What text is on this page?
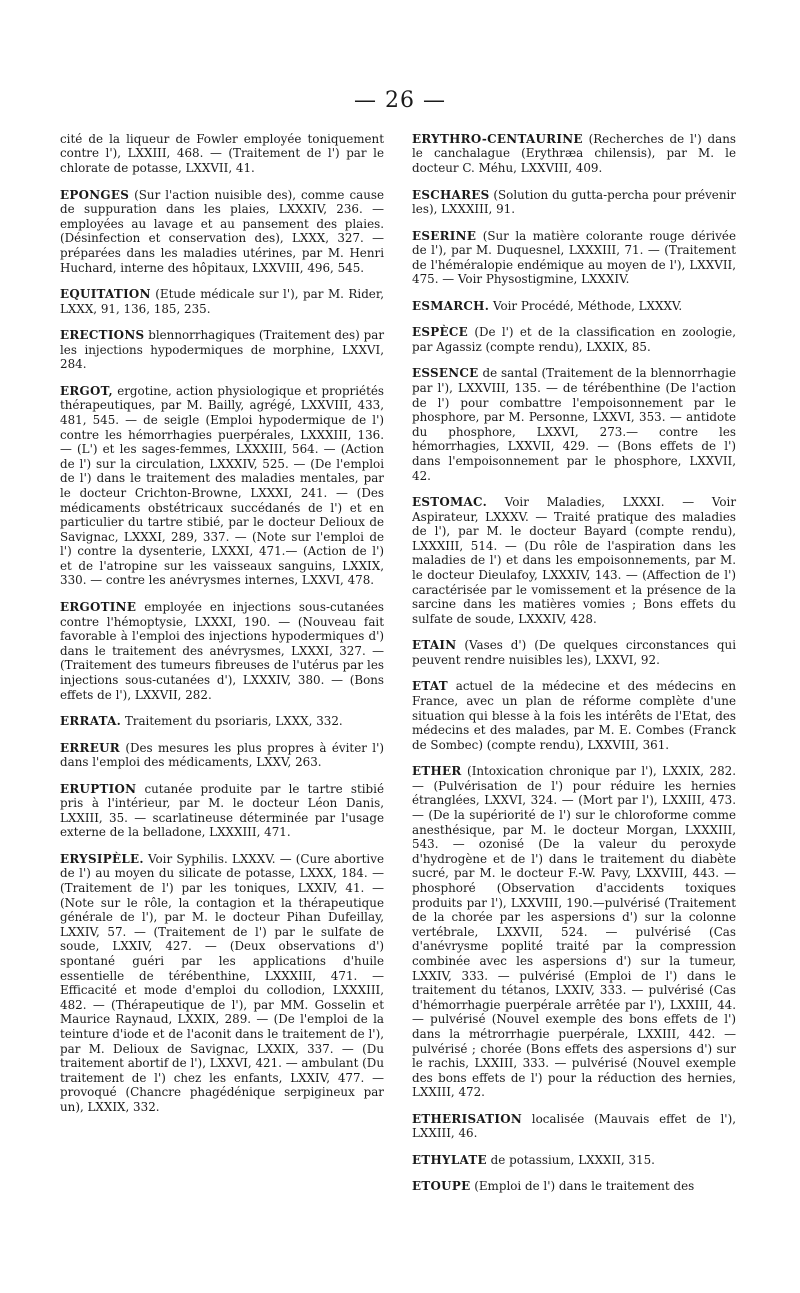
— 26 —

cité de la liqueur de Fowler employée toniquement contre l'), LXXIII, 468. — (Traitement de l') par le chlorate de potasse, LXXVII, 41.

EPONGES (Sur l'action nuisible des), comme cause de suppuration dans les plaies, LXXXIV, 236. — employées au lavage et au pansement des plaies. (Désinfection et conservation des), LXXX, 327. — préparées dans les maladies utérines, par M. Henri Huchard, interne des hôpitaux, LXXVIII, 496, 545.

EQUITATION (Etude médicale sur l'), par M. Rider, LXXX, 91, 136, 185, 235.

ERECTIONS blennorrhagiques (Traitement des) par les injections hypodermiques de morphine, LXXVI, 284.

ERGOT, ergotine, action physiologique et propriétés thérapeutiques, par M. Bailly, agrégé, LXXVIII, 433, 481, 545. — de seigle (Emploi hypodermique de l') contre les hémorrhagies puerpérales, LXXXIII, 136. — (L') et les sages-femmes, LXXXIII, 564. — (Action de l') sur la circulation, LXXXIV, 525. — (De l'emploi de l') dans le traitement des maladies mentales, par le docteur Crichton-Browne, LXXXI, 241. — (Des médicaments obstétricaux succédanés de l') et en particulier du tartre stibié, par le docteur Delioux de Savignac, LXXXI, 289, 337. — (Note sur l'emploi de l') contre la dysenterie, LXXXI, 471.— (Action de l') et de l'atropine sur les vaisseaux sanguins, LXXIX, 330. — contre les anévrysmes internes, LXXVI, 478.

ERGOTINE employée en injections sous-cutanées contre l'hémoptysie, LXXXI, 190. — (Nouveau fait favorable à l'emploi des injections hypodermiques d') dans le traitement des anévrysmes, LXXXI, 327. — (Traitement des tumeurs fibreuses de l'utérus par les injections sous-cutanées d'), LXXXIV, 380. — (Bons effets de l'), LXXVII, 282.

ERRATA. Traitement du psoriaris, LXXX, 332.

ERREUR (Des mesures les plus propres à éviter l') dans l'emploi des médicaments, LXXV, 263.

ERUPTION cutanée produite par le tartre stibié pris à l'intérieur, par M. le docteur Léon Danis, LXXIII, 35. — scarlatineuse déterminée par l'usage externe de la belladone, LXXXIII, 471.

ERYSIPÈLE. Voir Syphilis. LXXXV. — (Cure abortive de l') au moyen du silicate de potasse, LXXX, 184. — (Traitement de l') par les toniques, LXXIV, 41. — (Note sur le rôle, la contagion et la thérapeutique générale de l'), par M. le docteur Pihan Dufeillay, LXXIV, 57. — (Traitement de l') par le sulfate de soude, LXXIV, 427. — (Deux observations d') spontané guéri par les applications d'huile essentielle de térébenthine, LXXXIII, 471. — Efficacité et mode d'emploi du collodion, LXXXIII, 482. — (Thérapeutique de l'), par MM. Gosselin et Maurice Raynaud, LXXIX, 289. — (De l'emploi de la teinture d'iode et de l'aconit dans le traitement de l'), par M. Delioux de Savignac, LXXIX, 337. — (Du traitement abortif de l'), LXXVI, 421. — ambulant (Du traitement de l') chez les enfants, LXXIV, 477. — provoqué (Chancre phagédénique serpigineux par un), LXXIX, 332.

ERYTHRO-CENTAURINE (Recherches de l') dans le canchalague (Erythræa chilensis), par M. le docteur C. Méhu, LXXVIII, 409.

ESCHARES (Solution du gutta-percha pour prévenir les), LXXXIII, 91.

ESERINE (Sur la matière colorante rouge dérivée de l'), par M. Duquesnel, LXXXIII, 71. — (Traitement de l'héméralopie endémique au moyen de l'), LXXVII, 475. — Voir Physostigmine, LXXXIV.

ESMARCH. Voir Procédé, Méthode, LXXXV.

ESPÈCE (De l') et de la classification en zoologie, par Agassiz (compte rendu), LXXIX, 85.

ESSENCE de santal (Traitement de la blennorrhagie par l'), LXXVIII, 135. — de térébenthine (De l'action de l') pour combattre l'empoisonnement par le phosphore, par M. Personne, LXXVI, 353. — antidote du phosphore, LXXVI, 273.— contre les hémorrhagies, LXXVII, 429. — (Bons effets de l') dans l'empoisonnement par le phosphore, LXXVII, 42.

ESTOMAC. Voir Maladies, LXXXI. — Voir Aspirateur, LXXXV. — Traité pratique des maladies de l'), par M. le docteur Bayard (compte rendu), LXXXIII, 514. — (Du rôle de l'aspiration dans les maladies de l') et dans les empoisonnements, par M. le docteur Dieulafoy, LXXXIV, 143. — (Affection de l') caractérisée par le vomissement et la présence de la sarcine dans les matières vomies ; Bons effets du sulfate de soude, LXXXIV, 428.

ETAIN (Vases d') (De quelques circonstances qui peuvent rendre nuisibles les), LXXVI, 92.

ETAT actuel de la médecine et des médecins en France, avec un plan de réforme complète d'une situation qui blesse à la fois les intérêts de l'Etat, des médecins et des malades, par M. E. Combes (Franck de Sombec) (compte rendu), LXXVIII, 361.

ETHER (Intoxication chronique par l'), LXXIX, 282. — (Pulvérisation de l') pour réduire les hernies étranglées, LXXVI, 324. — (Mort par l'), LXXIII, 473. — (De la supériorité de l') sur le chloroforme comme anesthésique, par M. le docteur Morgan, LXXXIII, 543. — ozonisé (De la valeur du peroxyde d'hydrogène et de l') dans le traitement du diabète sucré, par M. le docteur F.-W. Pavy, LXXVIII, 443. — phosphoré (Observation d'accidents toxiques produits par l'), LXXVIII, 190.—pulvérisé (Traitement de la chorée par les aspersions d') sur la colonne vertébrale, LXXVII, 524. — pulvérisé (Cas d'anévrysme poplité traité par la compression combinée avec les aspersions d') sur la tumeur, LXXIV, 333. — pulvérisé (Emploi de l') dans le traitement du tétanos, LXXIV, 333. — pulvérisé (Cas d'hémorrhagie puerpérale arrêtée par l'), LXXIII, 44. — pulvérisé (Nouvel exemple des bons effets de l') dans la métrorrhagie puerpérale, LXXIII, 442. — pulvérisé ; chorée (Bons effets des aspersions d') sur le rachis, LXXIII, 333. — pulvérisé (Nouvel exemple des bons effets de l') pour la réduction des hernies, LXXIII, 472.

ETHERISATION localisée (Mauvais effet de l'), LXXIII, 46.

ETHYLATE de potassium, LXXXII, 315.

ETOUPE (Emploi de l') dans le traitement des
